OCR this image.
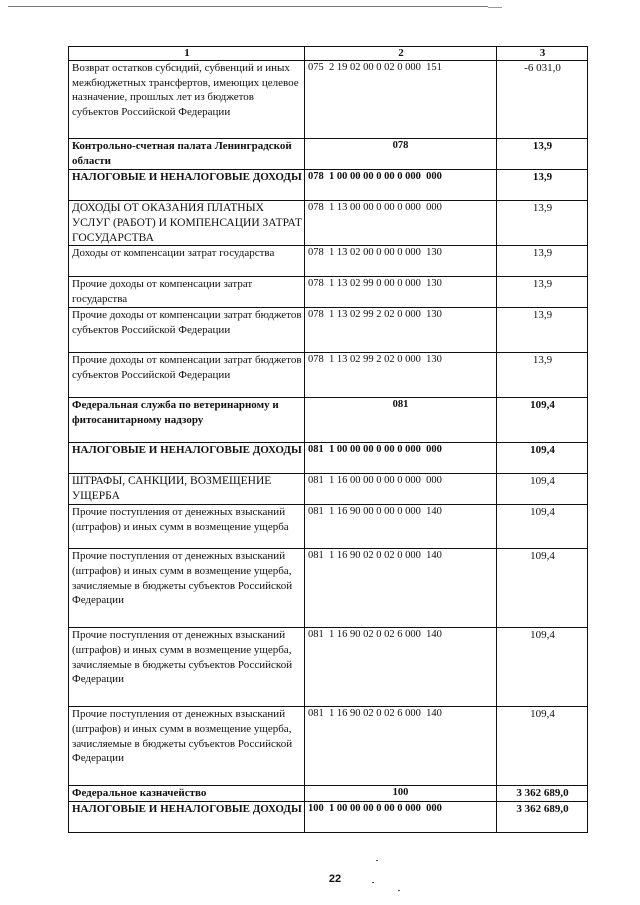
1	2	3
Возврат остатков субсидий, субвенций и иных межбюджетных трансфертов, имеющих целевое назначение, прошлых лет из бюджетов субъектов Российской Федерации	075  2 19 02 00 0 02 0 000  151	-6 031,0
Контрольно-счетная палата Ленинградской области	078	13,9
НАЛОГОВЫЕ И НЕНАЛОГОВЫЕ ДОХОДЫ	078  1 00 00 00 0 00 0 000  000	13,9
ДОХОДЫ ОТ ОКАЗАНИЯ ПЛАТНЫХ УСЛУГ (РАБОТ) И КОМПЕНСАЦИИ ЗАТРАТ ГОСУДАРСТВА	078  1 13 00 00 0 00 0 000  000	13,9
Доходы от компенсации затрат государства	078  1 13 02 00 0 00 0 000  130	13,9
Прочие доходы от компенсации затрат государства	078  1 13 02 99 0 00 0 000  130	13,9
Прочие доходы от компенсации затрат бюджетов субъектов Российской Федерации	078  1 13 02 99 2 02 0 000  130	13,9
Прочие доходы от компенсации затрат бюджетов субъектов Российской Федерации	078  1 13 02 99 2 02 0 000  130	13,9
Федеральная служба по ветеринарному и фитосанитарному надзору	081	109,4
НАЛОГОВЫЕ И НЕНАЛОГОВЫЕ ДОХОДЫ	081  1 00 00 00 0 00 0 000  000	109,4
ШТРАФЫ, САНКЦИИ, ВОЗМЕЩЕНИЕ УЩЕРБА	081  1 16 00 00 0 00 0 000  000	109,4
Прочие поступления от денежных взысканий (штрафов) и иных сумм в возмещение ущерба	081  1 16 90 00 0 00 0 000  140	109,4
Прочие поступления от денежных взысканий (штрафов) и иных сумм в возмещение ущерба, зачисляемые в бюджеты субъектов Российской Федерации	081  1 16 90 02 0 02 0 000  140	109,4
Прочие поступления от денежных взысканий (штрафов) и иных сумм в возмещение ущерба, зачисляемые в бюджеты субъектов Российской Федерации	081  1 16 90 02 0 02 6 000  140	109,4
Прочие поступления от денежных взысканий (штрафов) и иных сумм в возмещение ущерба, зачисляемые в бюджеты субъектов Российской Федерации	081  1 16 90 02 0 02 6 000  140	109,4
Федеральное казначейство	100	3 362 689,0
НАЛОГОВЫЕ И НЕНАЛОГОВЫЕ ДОХОДЫ	100  1 00 00 00 0 00 0 000  000	3 362 689,0
22
